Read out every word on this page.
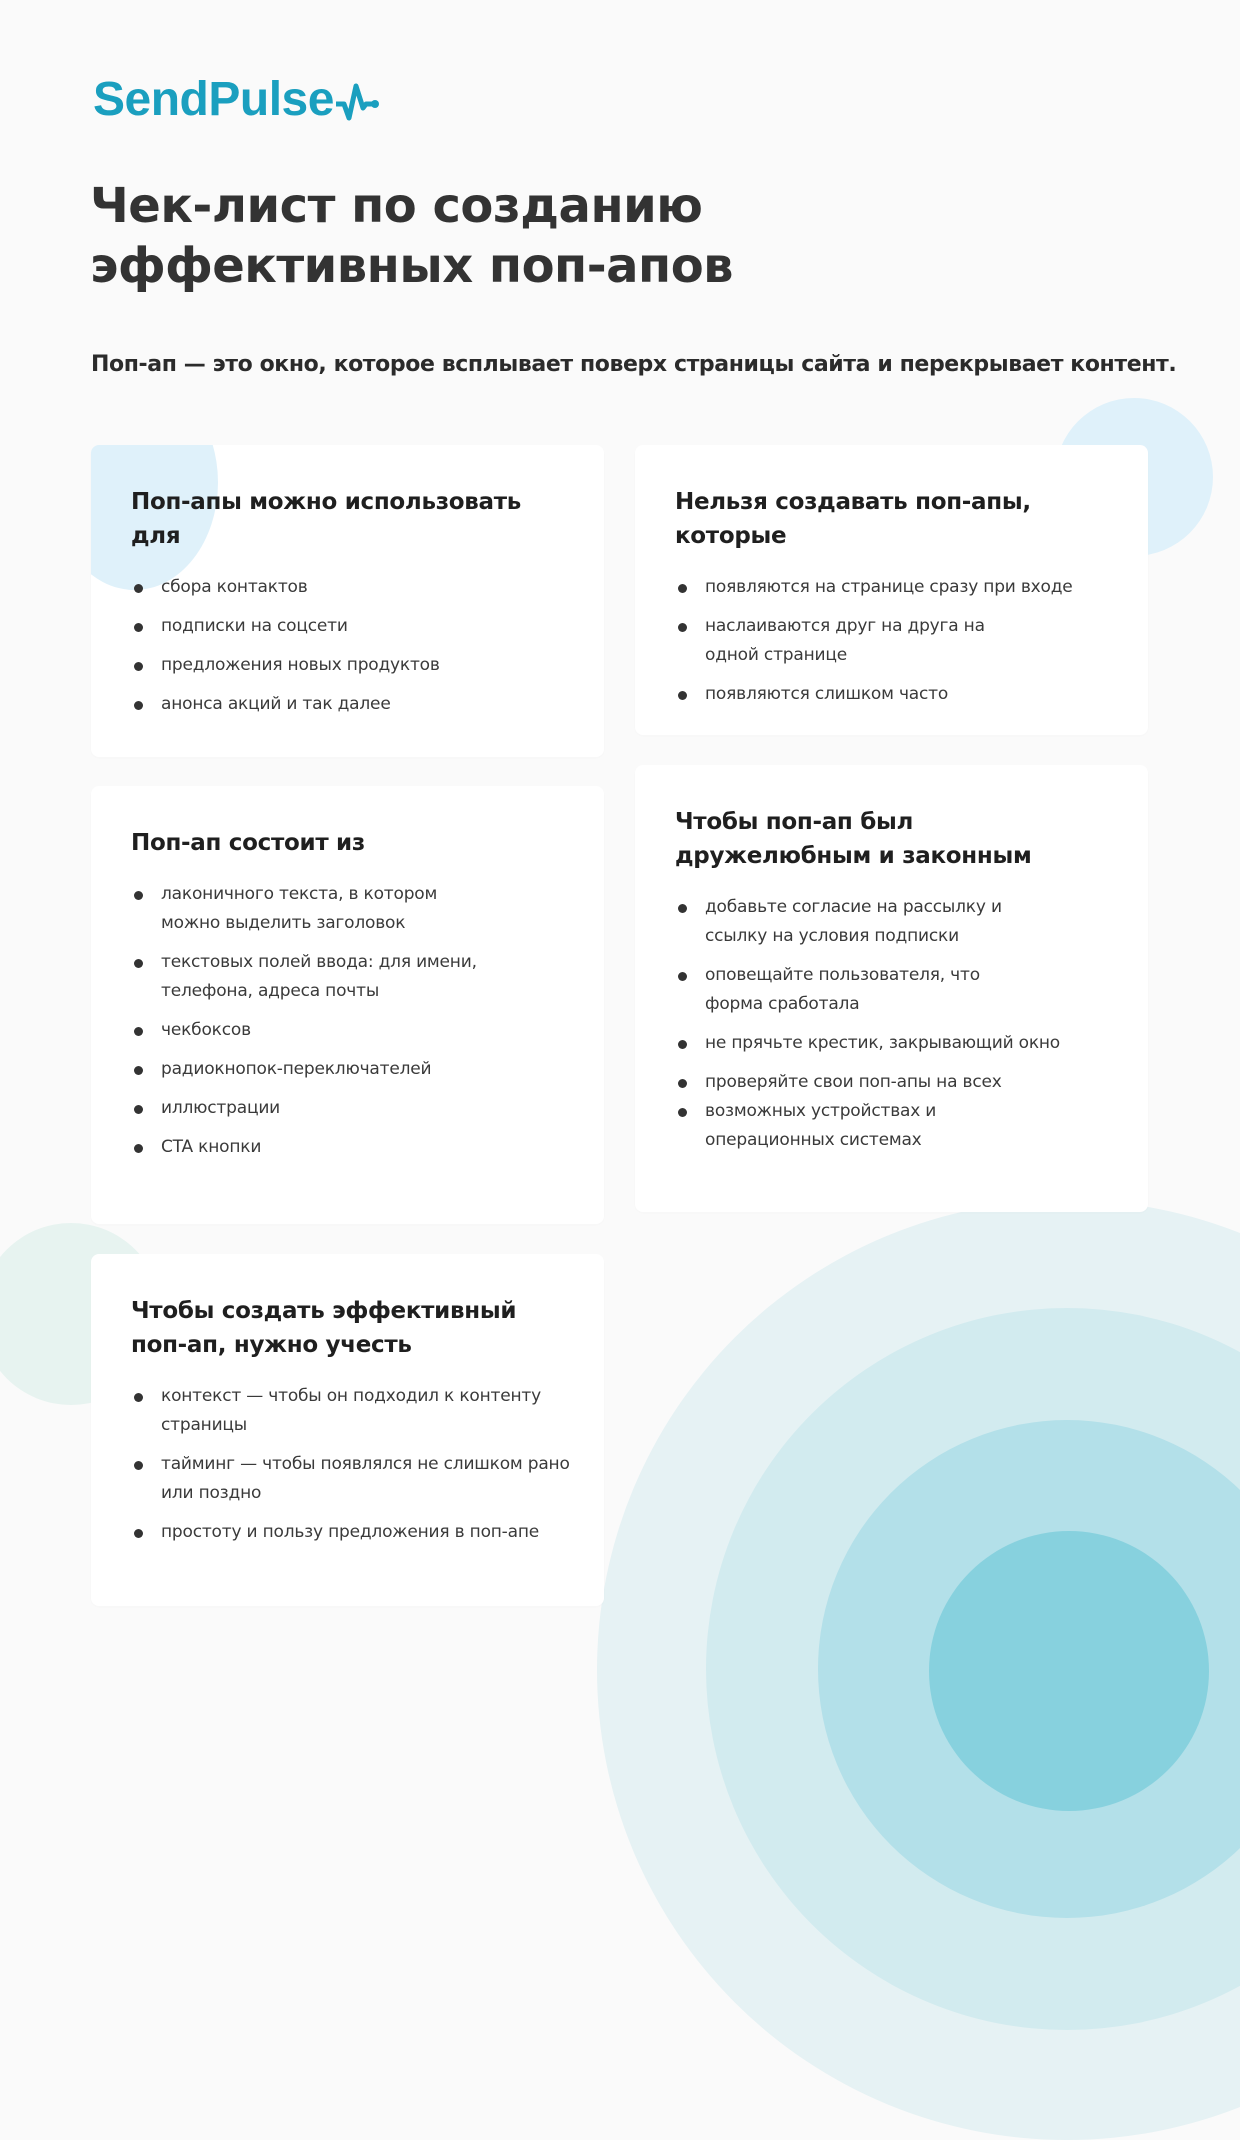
SendPulse
Чек-лист по созданию
эффективных поп-апов

Поп-ап — это окно, которое всплывает поверх страницы сайта и перекрывает контент.

Поп-апы можно использовать для
сбора контактов
подписки на соцсети
предложения новых продуктов
анонса акций и так далее
Нельзя создавать поп-апы, которые
появляются на странице сразу при входе
наслаиваются друг на друга на одной странице
появляются слишком часто
Поп-ап состоит из
лаконичного текста, в котором можно выделить заголовок
текстовых полей ввода: для имени, телефона, адреса почты
чекбоксов
радиокнопок-переключателей
иллюстрации
CTA кнопки
Чтобы поп-ап был дружелюбным и законным
добавьте согласие на рассылку и ссылку на условия подписки
оповещайте пользователя, что форма сработала
не прячьте крестик, закрывающий окно
проверяйте свои поп-апы на всех
возможных устройствах и операционных системах
Чтобы создать эффективный поп-ап, нужно учесть
контекст — чтобы он подходил к контенту страницы
тайминг — чтобы появлялся не слишком рано или поздно
простоту и пользу предложения в поп-апе
